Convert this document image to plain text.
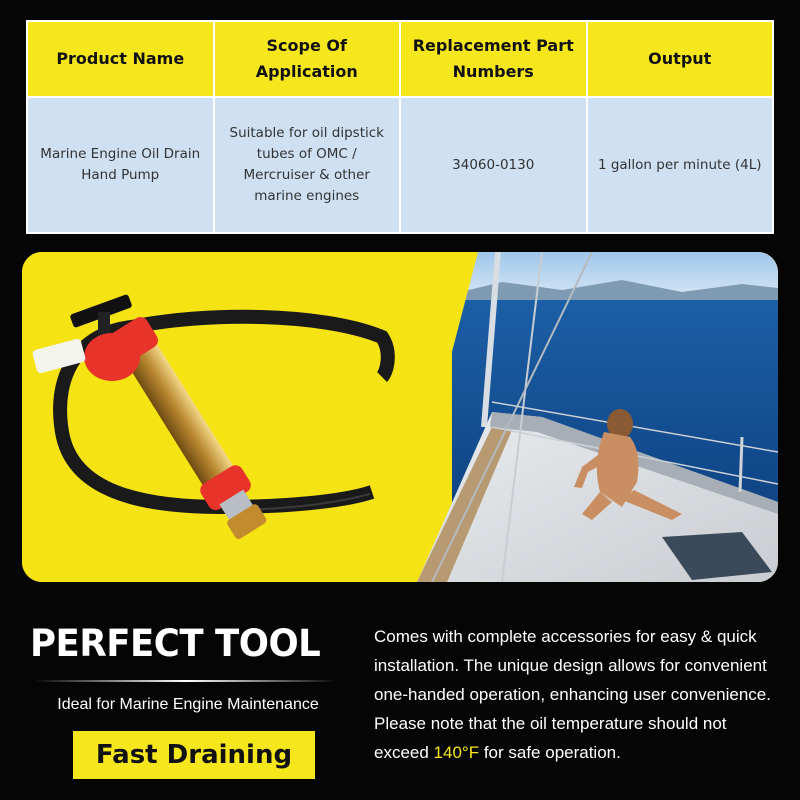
Product Name	Scope Of Application	Replacement Part Numbers	Output
Marine Engine Oil Drain Hand Pump	Suitable for oil dipstick tubes of OMC / Mercruiser & other marine engines	34060-0130	1 gallon per minute (4L)
PERFECT TOOL
Ideal for Marine Engine Maintenance
Fast Draining
Comes with complete accessories for easy & quick installation. The unique design allows for convenient one-handed operation, enhancing user convenience. Please note that the oil temperature should not exceed 140°F for safe operation.
